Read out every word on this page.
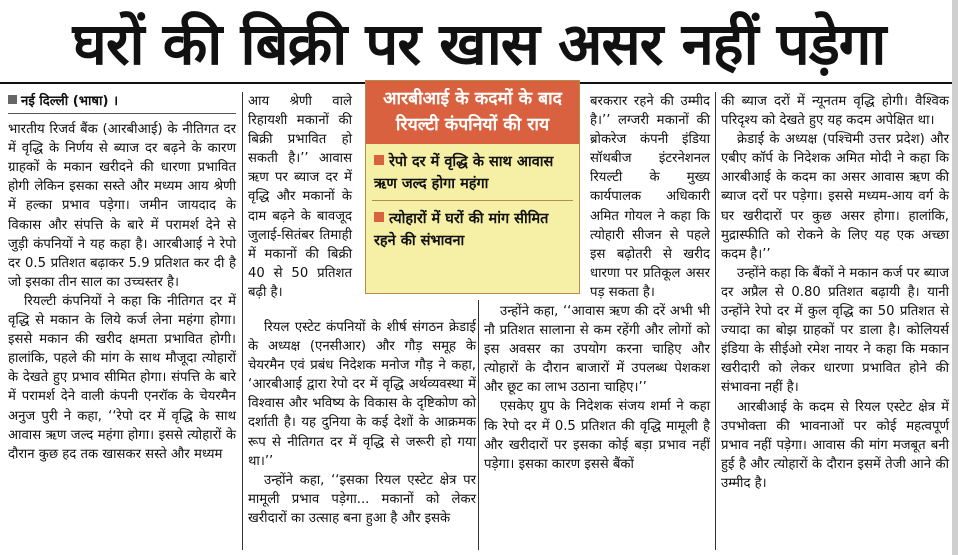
घरों की बिक्री पर खास असर नहीं पड़ेगा
नई दिल्ली (भाषा) ।

भारतीय रिजर्व बैंक (आरबीआई) के नीतिगत दर में वृद्धि के निर्णय से ब्याज दर बढ़ने के कारण ग्राहकों के मकान खरीदने की धारणा प्रभावित होगी लेकिन इसका सस्ते और मध्यम आय श्रेणी में हल्का प्रभाव पड़ेगा। जमीन जायदाद के विकास और संपत्ति के बारे में परामर्श देने से जुड़ी कंपनियों ने यह कहा है। आरबीआई ने रेपो दर 0.5 प्रतिशत बढ़ाकर 5.9 प्रतिशत कर दी है जो इसका तीन साल का उच्चस्तर है।

रियल्टी कंपनियों ने कहा कि नीतिगत दर में वृद्धि से मकान के लिये कर्ज लेना महंगा होगा। इससे मकान की खरीद क्षमता प्रभावित होगी। हालांकि, पहले की मांग के साथ मौजूदा त्योहारों के देखते हुए प्रभाव सीमित होगा। संपत्ति के बारे में परामर्श देने वाली कंपनी एनरॉक के चेयरमैन अनुज पुरी ने कहा, ‘‘रेपो दर में वृद्धि के साथ आवास ऋण जल्द महंगा होगा। इससे त्योहारों के दौरान कुछ हद तक खासकर सस्ते और मध्यम

आय श्रेणी वाले रिहायशी मकानों की बिक्री प्रभावित हो सकती है।’’ आवास ऋण पर ब्याज दर में वृद्धि और मकानों के दाम बढ़ने के बावजूद जुलाई-सितंबर तिमाही में मकानों की बिक्री 40 से 50 प्रतिशत बढ़ी है।

रियल एस्टेट कंपनियों के शीर्ष संगठन क्रेडाई के अध्यक्ष (एनसीआर) और गौड़ समूह के चेयरमैन एवं प्रबंध निदेशक मनोज गौड़ ने कहा, ‘आरबीआई द्वारा रेपो दर में वृद्धि अर्थव्यवस्था में विश्वास और भविष्य के विकास के दृष्टिकोण को दर्शाती है। यह दुनिया के कई देशों के आक्रमक रूप से नीतिगत दर में वृद्धि से जरूरी हो गया था।’’

उन्होंने कहा, ‘‘इसका रियल एस्टेट क्षेत्र पर मामूली प्रभाव पड़ेगा... मकानों को लेकर खरीदारों का उत्साह बना हुआ है और इसके

आरबीआई के कदमों के बाद
रियल्टी कंपनियों की राय
रेपो दर में वृद्धि के साथ आवास ऋण जल्द होगा महंगा
त्योहारों में घरों की मांग सीमित रहने की संभावना

बरकरार रहने की उम्मीद है।’’ लग्जरी मकानों की ब्रोकरेज कंपनी इंडिया सॉथबीज इंटरनेशनल रियल्टी के मुख्य कार्यपालक अधिकारी अमित गोयल ने कहा कि त्योहारी सीजन से पहले इस बढ़ोतरी से खरीद धारणा पर प्रतिकूल असर पड़ सकता है।

उन्होंने कहा, ‘‘आवास ऋण की दरें अभी भी नौ प्रतिशत सालाना से कम रहेंगी और लोगों को इस अवसर का उपयोग करना चाहिए और त्योहारों के दौरान बाजारों में उपलब्ध पेशकश और छूट का लाभ उठाना चाहिए।’’

एसकेए ग्रुप के निदेशक संजय शर्मा ने कहा कि रेपो दर में 0.5 प्रतिशत की वृद्धि मामूली है और खरीदारों पर इसका कोई बड़ा प्रभाव नहीं पड़ेगा। इसका कारण इससे बैंकों

की ब्याज दरों में न्यूनतम वृद्धि होगी। वैश्विक परिदृश्य को देखते हुए यह कदम अपेक्षित था।

क्रेडाई के अध्यक्ष (पश्चिमी उत्तर प्रदेश) और एबीए कॉर्प के निदेशक अमित मोदी ने कहा कि आरबीआई के कदम का असर आवास ऋण की ब्याज दरों पर पड़ेगा। इससे मध्यम-आय वर्ग के घर खरीदारों पर कुछ असर होगा। हालांकि, मुद्रास्फीति को रोकने के लिए यह एक अच्छा कदम है।’’

उन्होंने कहा कि बैंकों ने मकान कर्ज पर ब्याज दर अप्रैल से 0.80 प्रतिशत बढ़ायी है। यानी उन्होंने रेपो दर में कुल वृद्धि का 50 प्रतिशत से ज्यादा का बोझ ग्राहकों पर डाला है। कोलियर्स इंडिया के सीईओ रमेश नायर ने कहा कि मकान खरीदारी को लेकर धारणा प्रभावित होने की संभावना नहीं है।

आरबीआई के कदम से रियल एस्टेट क्षेत्र में उपभोक्ता की भावनाओं पर कोई महत्वपूर्ण प्रभाव नहीं पड़ेगा। आवास की मांग मजबूत बनी हुई है और त्योहारों के दौरान इसमें तेजी आने की उम्मीद है।
